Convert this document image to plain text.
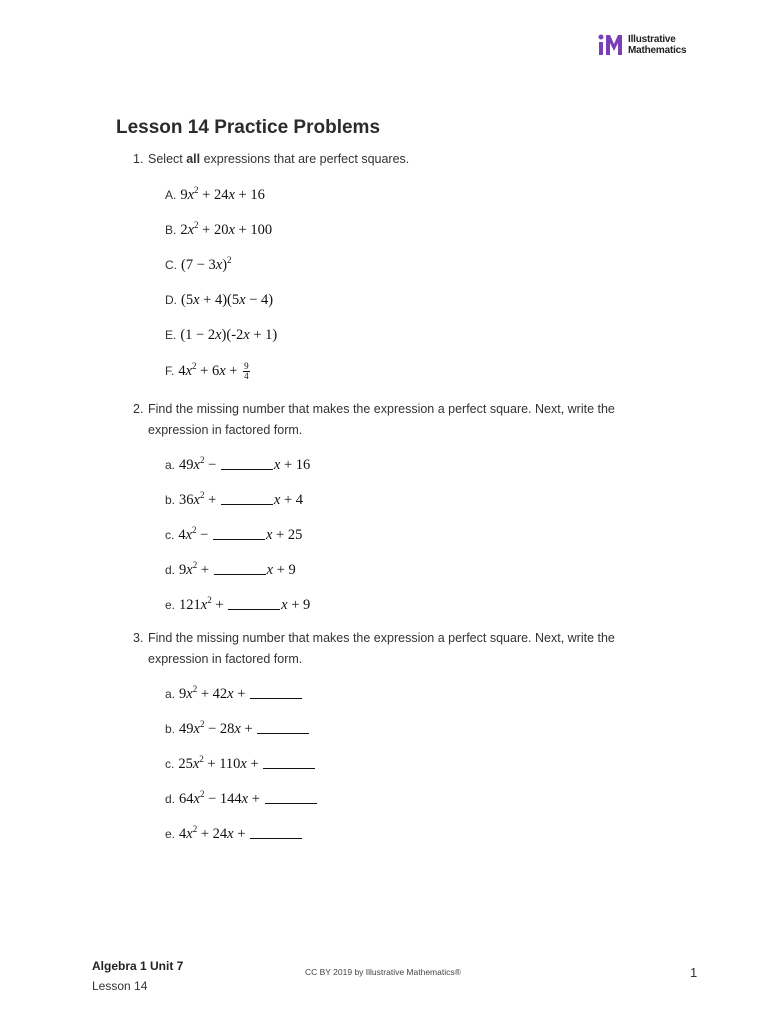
Illustrative
Mathematics
Lesson 14 Practice Problems
1. Select all expressions that are perfect squares.
A. $9x^2 + 24x + 16$
B. $2x^2 + 20x + 100$
C. $(7 - 3x)^2$
D. (5x + 4)(5x − 4)
E. (1 − 2x)(-2x + 1)
F. $4x^2 + 6x + \frac{9}{4}$
2. Find the missing number that makes the expression a perfect square. Next, write the
expression in factored form.
a. $49x^2$ −	x + 16
b. $36x^2$ +	x + 4
c. $4x^2$ −	x + 25
d. $9x^2$ +	x + 9
e. $121x^2$ +	x + 9
3. Find the missing number that makes the expression a perfect square. Next, write the
expression in factored form.
a. $9x^2 + 42x$ +
b. $49x^2 - 28x$ +
c. $25x^2 + 110x$ +
d. $64x^2 - 144x$ +
e. $4x^2 + 24x$ +
Algebra 1 Unit 7
Lesson 14
CC BY 2019 by Illustrative Mathematics®	1
